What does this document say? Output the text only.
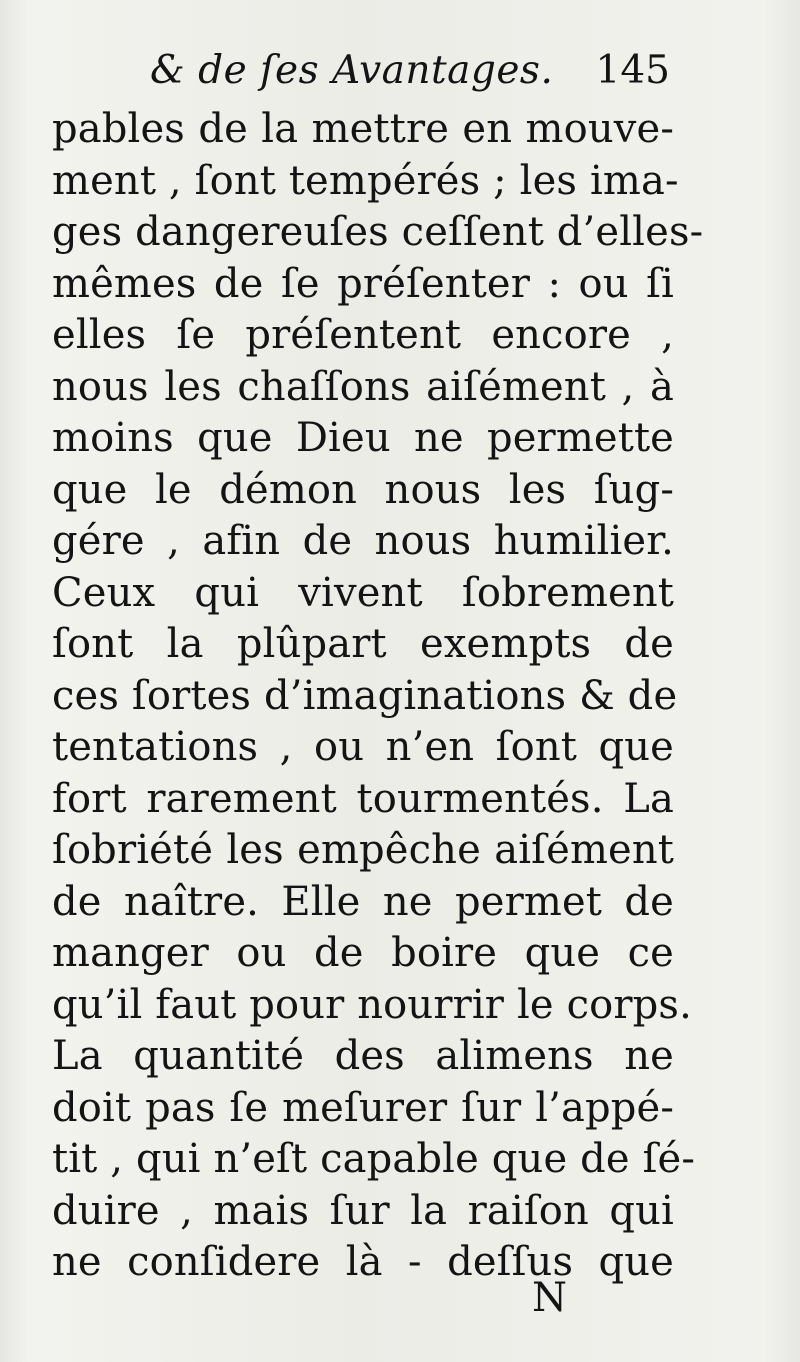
& de ſes Avantages. 145
pables de la mettre en mouve-
ment , ſont tempérés ; les ima-
ges dangereuſes ceſſent d’elles-
mêmes de ſe préſenter : ou ſi
elles ſe préſentent encore ,
nous les chaſſons aiſément , à
moins que Dieu ne permette
que le démon nous les ſug-
gére , afin de nous humilier.
Ceux qui vivent ſobrement
ſont la plûpart exempts de
ces ſortes d’imaginations & de
tentations , ou n’en ſont que
fort rarement tourmentés. La
ſobriété les empêche aiſément
de naître. Elle ne permet de
manger ou de boire que ce
qu’il faut pour nourrir le corps.
La quantité des alimens ne
doit pas ſe meſurer ſur l’appé-
tit , qui n’eſt capable que de ſé-
duire , mais ſur la raiſon qui
ne conſidere là - deſſus que
N
